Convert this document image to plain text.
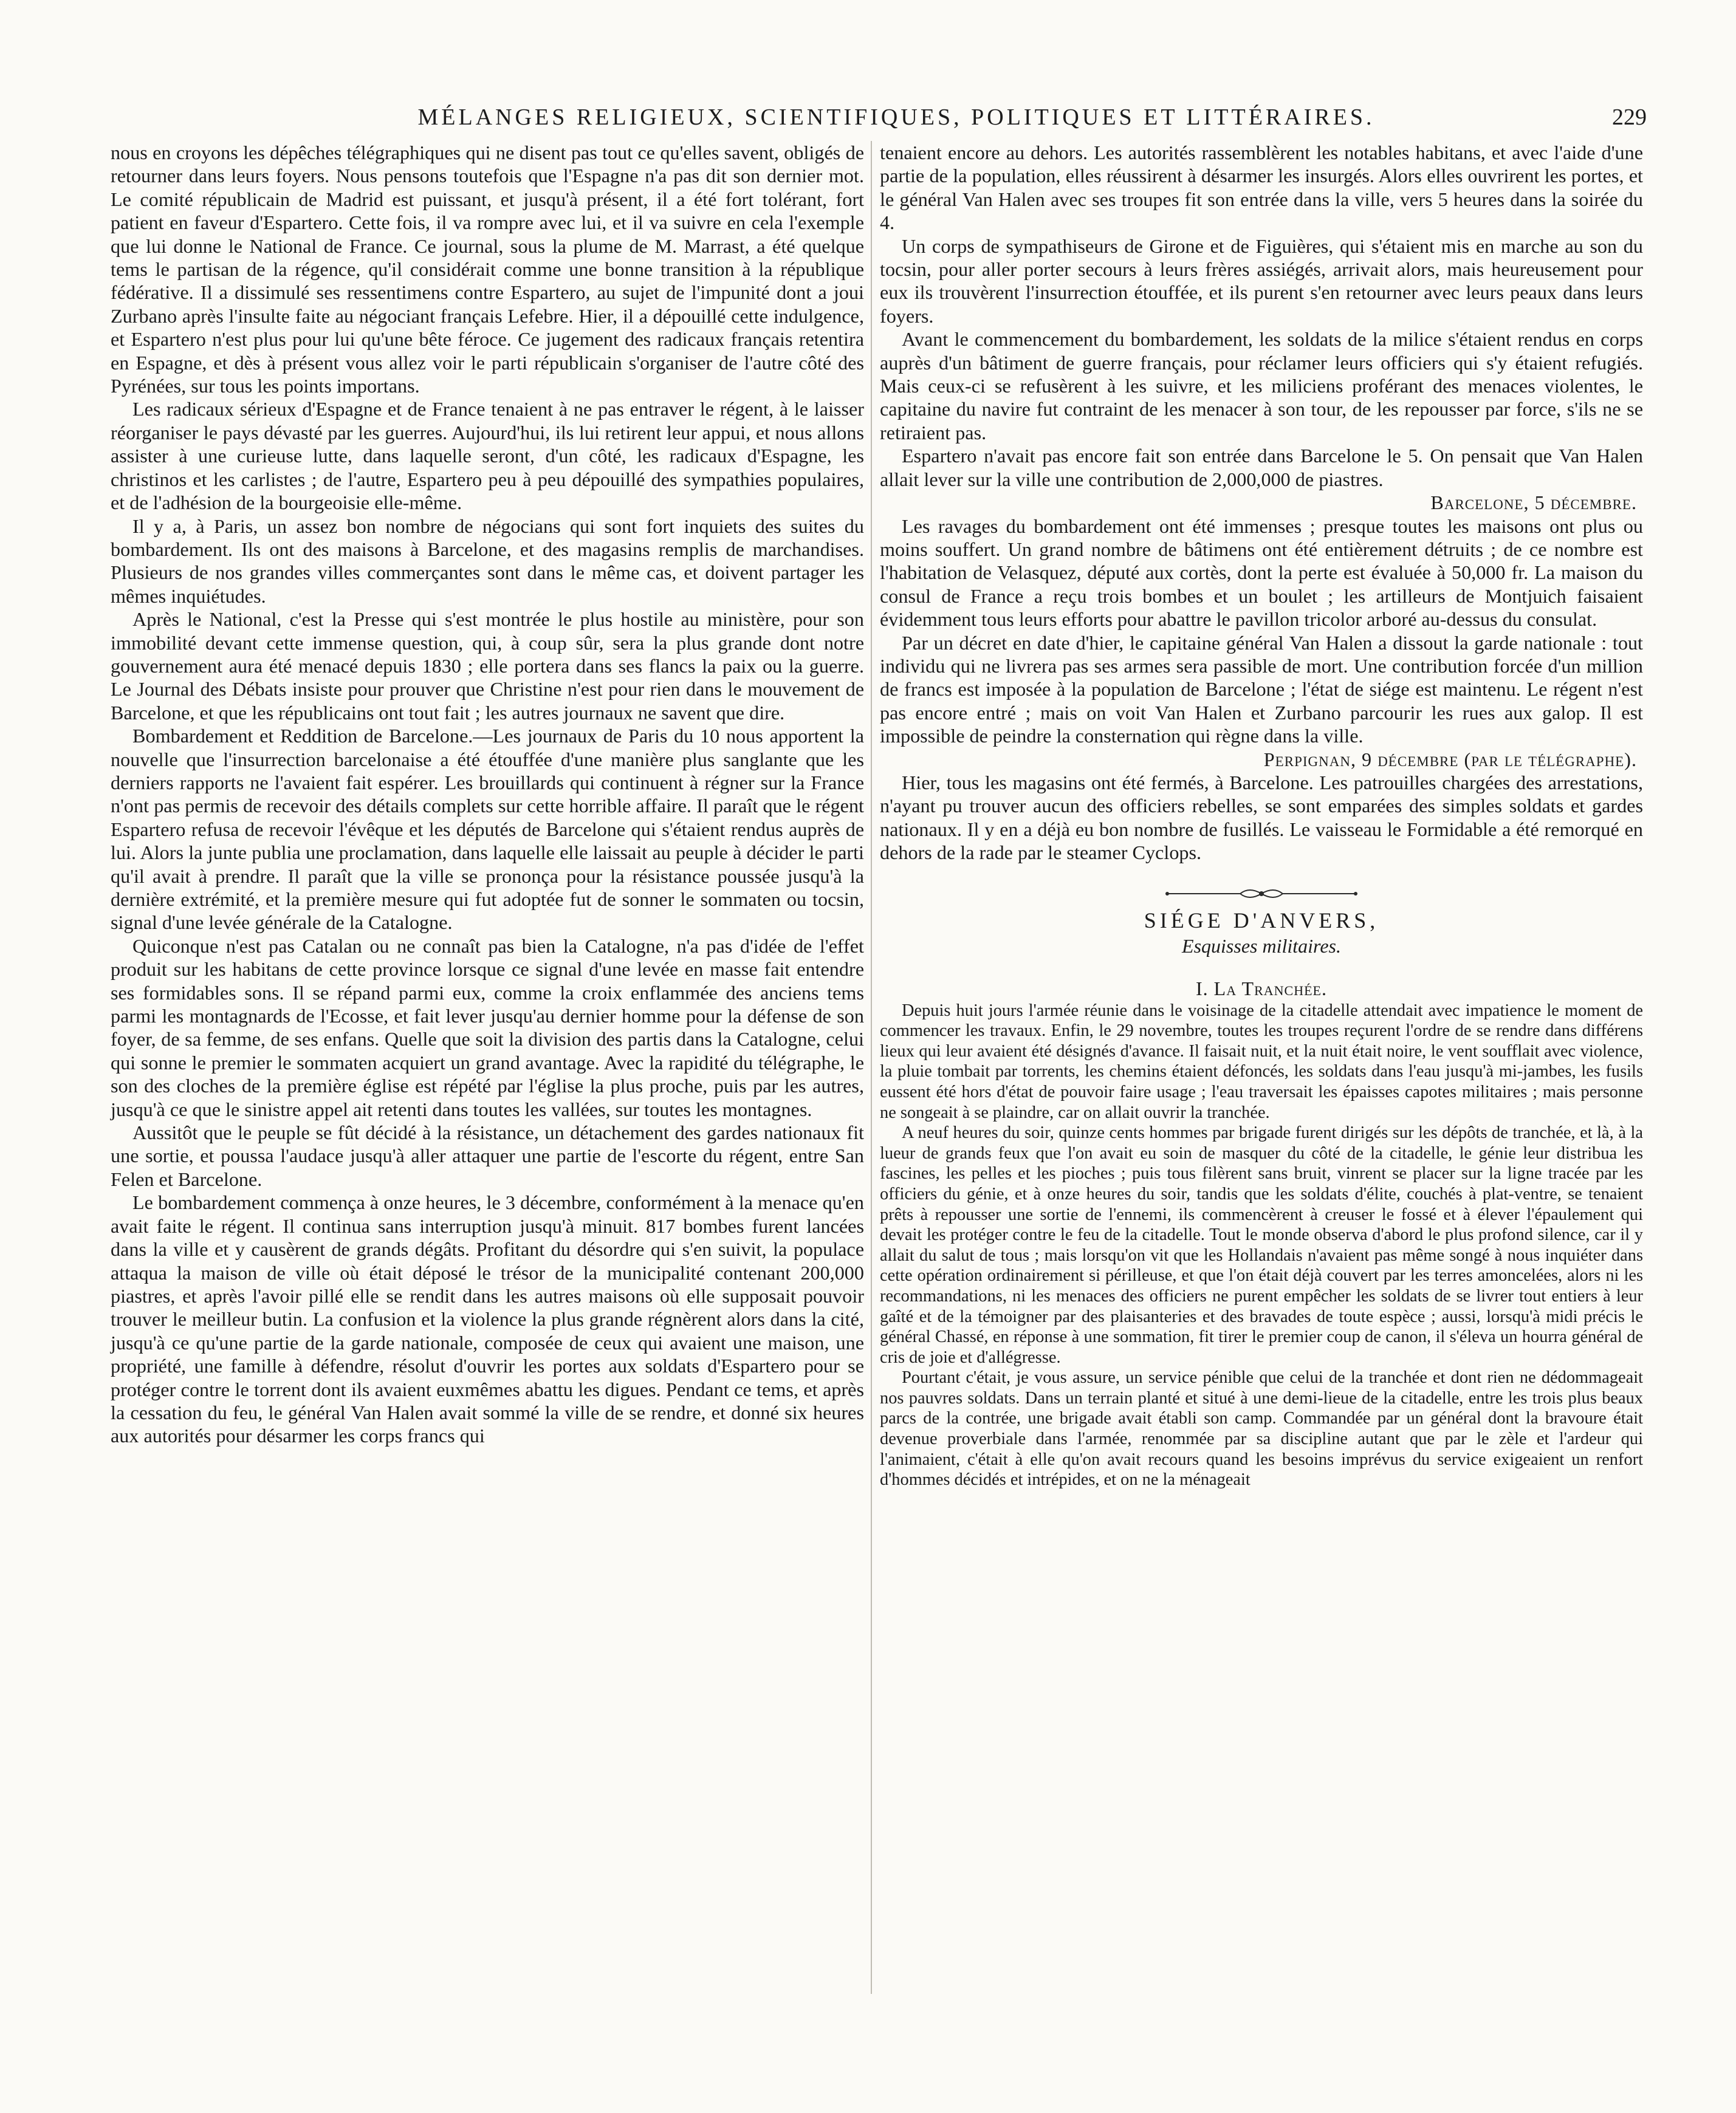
MÉLANGES RELIGIEUX, SCIENTIFIQUES, POLITIQUES ET LITTÉRAIRES.	229

nous en croyons les dépêches télégraphiques qui ne disent pas tout ce qu'elles savent, obligés de retourner dans leurs foyers. Nous pensons toutefois que l'Espagne n'a pas dit son dernier mot. Le comité républicain de Madrid est puissant, et jusqu'à présent, il a été fort tolérant, fort patient en faveur d'Espartero. Cette fois, il va rompre avec lui, et il va suivre en cela l'exemple que lui donne le National de France. Ce journal, sous la plume de M. Marrast, a été quelque tems le partisan de la régence, qu'il considérait comme une bonne transition à la république fédérative. Il a dissimulé ses ressentimens contre Espartero, au sujet de l'impunité dont a joui Zurbano après l'insulte faite au négociant français Lefebre. Hier, il a dépouillé cette indulgence, et Espartero n'est plus pour lui qu'une bête féroce. Ce jugement des radicaux français retentira en Espagne, et dès à présent vous allez voir le parti républicain s'organiser de l'autre côté des Pyrénées, sur tous les points importans.

Les radicaux sérieux d'Espagne et de France tenaient à ne pas entraver le régent, à le laisser réorganiser le pays dévasté par les guerres. Aujourd'hui, ils lui retirent leur appui, et nous allons assister à une curieuse lutte, dans laquelle seront, d'un côté, les radicaux d'Espagne, les christinos et les carlistes ; de l'autre, Espartero peu à peu dépouillé des sympathies populaires, et de l'adhésion de la bourgeoisie elle-même.

Il y a, à Paris, un assez bon nombre de négocians qui sont fort inquiets des suites du bombardement. Ils ont des maisons à Barcelone, et des magasins remplis de marchandises. Plusieurs de nos grandes villes commerçantes sont dans le même cas, et doivent partager les mêmes inquiétudes.

Après le National, c'est la Presse qui s'est montrée le plus hostile au ministère, pour son immobilité devant cette immense question, qui, à coup sûr, sera la plus grande dont notre gouvernement aura été menacé depuis 1830 ; elle portera dans ses flancs la paix ou la guerre. Le Journal des Débats insiste pour prouver que Christine n'est pour rien dans le mouvement de Barcelone, et que les républicains ont tout fait ; les autres journaux ne savent que dire.

Bombardement et Reddition de Barcelone.—Les journaux de Paris du 10 nous apportent la nouvelle que l'insurrection barcelonaise a été étouffée d'une manière plus sanglante que les derniers rapports ne l'avaient fait espérer. Les brouillards qui continuent à régner sur la France n'ont pas permis de recevoir des détails complets sur cette horrible affaire. Il paraît que le régent Espartero refusa de recevoir l'évêque et les députés de Barcelone qui s'étaient rendus auprès de lui. Alors la junte publia une proclamation, dans laquelle elle laissait au peuple à décider le parti qu'il avait à prendre. Il paraît que la ville se prononça pour la résistance poussée jusqu'à la dernière extrémité, et la première mesure qui fut adoptée fut de sonner le sommaten ou tocsin, signal d'une levée générale de la Catalogne.

Quiconque n'est pas Catalan ou ne connaît pas bien la Catalogne, n'a pas d'idée de l'effet produit sur les habitans de cette province lorsque ce signal d'une levée en masse fait entendre ses formidables sons. Il se répand parmi eux, comme la croix enflammée des anciens tems parmi les montagnards de l'Ecosse, et fait lever jusqu'au dernier homme pour la défense de son foyer, de sa femme, de ses enfans. Quelle que soit la division des partis dans la Catalogne, celui qui sonne le premier le sommaten acquiert un grand avantage. Avec la rapidité du télégraphe, le son des cloches de la première église est répété par l'église la plus proche, puis par les autres, jusqu'à ce que le sinistre appel ait retenti dans toutes les vallées, sur toutes les montagnes.

Aussitôt que le peuple se fût décidé à la résistance, un détachement des gardes nationaux fit une sortie, et poussa l'audace jusqu'à aller attaquer une partie de l'escorte du régent, entre San Felen et Barcelone.

Le bombardement commença à onze heures, le 3 décembre, conformément à la menace qu'en avait faite le régent. Il continua sans interruption jusqu'à minuit. 817 bombes furent lancées dans la ville et y causèrent de grands dégâts. Profitant du désordre qui s'en suivit, la populace attaqua la maison de ville où était déposé le trésor de la municipalité contenant 200,000 piastres, et après l'avoir pillé elle se rendit dans les autres maisons où elle supposait pouvoir trouver le meilleur butin. La confusion et la violence la plus grande régnèrent alors dans la cité, jusqu'à ce qu'une partie de la garde nationale, composée de ceux qui avaient une maison, une propriété, une famille à défendre, résolut d'ouvrir les portes aux soldats d'Espartero pour se protéger contre le torrent dont ils avaient euxmêmes abattu les digues. Pendant ce tems, et après la cessation du feu, le général Van Halen avait sommé la ville de se rendre, et donné six heures aux autorités pour désarmer les corps francs qui

tenaient encore au dehors. Les autorités rassemblèrent les notables habitans, et avec l'aide d'une partie de la population, elles réussirent à désarmer les insurgés. Alors elles ouvrirent les portes, et le général Van Halen avec ses troupes fit son entrée dans la ville, vers 5 heures dans la soirée du 4.

Un corps de sympathiseurs de Girone et de Figuières, qui s'étaient mis en marche au son du tocsin, pour aller porter secours à leurs frères assiégés, arrivait alors, mais heureusement pour eux ils trouvèrent l'insurrection étouffée, et ils purent s'en retourner avec leurs peaux dans leurs foyers.

Avant le commencement du bombardement, les soldats de la milice s'étaient rendus en corps auprès d'un bâtiment de guerre français, pour réclamer leurs officiers qui s'y étaient refugiés. Mais ceux-ci se refusèrent à les suivre, et les miliciens proférant des menaces violentes, le capitaine du navire fut contraint de les menacer à son tour, de les repousser par force, s'ils ne se retiraient pas.

Espartero n'avait pas encore fait son entrée dans Barcelone le 5. On pensait que Van Halen allait lever sur la ville une contribution de 2,000,000 de piastres.

Barcelone, 5 décembre.

Les ravages du bombardement ont été immenses ; presque toutes les maisons ont plus ou moins souffert. Un grand nombre de bâtimens ont été entièrement détruits ; de ce nombre est l'habitation de Velasquez, député aux cortès, dont la perte est évaluée à 50,000 fr. La maison du consul de France a reçu trois bombes et un boulet ; les artilleurs de Montjuich faisaient évidemment tous leurs efforts pour abattre le pavillon tricolor arboré au-dessus du consulat.

Par un décret en date d'hier, le capitaine général Van Halen a dissout la garde nationale : tout individu qui ne livrera pas ses armes sera passible de mort. Une contribution forcée d'un million de francs est imposée à la population de Barcelone ; l'état de siége est maintenu. Le régent n'est pas encore entré ; mais on voit Van Halen et Zurbano parcourir les rues aux galop. Il est impossible de peindre la consternation qui règne dans la ville.

Perpignan, 9 décembre (par le télégraphe).

Hier, tous les magasins ont été fermés, à Barcelone. Les patrouilles chargées des arrestations, n'ayant pu trouver aucun des officiers rebelles, se sont emparées des simples soldats et gardes nationaux. Il y en a déjà eu bon nombre de fusillés. Le vaisseau le Formidable a été remorqué en dehors de la rade par le steamer Cyclops.

SIÉGE D'ANVERS,
Esquisses militaires.
I. La Tranchée.

Depuis huit jours l'armée réunie dans le voisinage de la citadelle attendait avec impatience le moment de commencer les travaux. Enfin, le 29 novembre, toutes les troupes reçurent l'ordre de se rendre dans différens lieux qui leur avaient été désignés d'avance. Il faisait nuit, et la nuit était noire, le vent soufflait avec violence, la pluie tombait par torrents, les chemins étaient défoncés, les soldats dans l'eau jusqu'à mi-jambes, les fusils eussent été hors d'état de pouvoir faire usage ; l'eau traversait les épaisses capotes militaires ; mais personne ne songeait à se plaindre, car on allait ouvrir la tranchée.

A neuf heures du soir, quinze cents hommes par brigade furent dirigés sur les dépôts de tranchée, et là, à la lueur de grands feux que l'on avait eu soin de masquer du côté de la citadelle, le génie leur distribua les fascines, les pelles et les pioches ; puis tous filèrent sans bruit, vinrent se placer sur la ligne tracée par les officiers du génie, et à onze heures du soir, tandis que les soldats d'élite, couchés à plat-ventre, se tenaient prêts à repousser une sortie de l'ennemi, ils commencèrent à creuser le fossé et à élever l'épaulement qui devait les protéger contre le feu de la citadelle. Tout le monde observa d'abord le plus profond silence, car il y allait du salut de tous ; mais lorsqu'on vit que les Hollandais n'avaient pas même songé à nous inquiéter dans cette opération ordinairement si périlleuse, et que l'on était déjà couvert par les terres amoncelées, alors ni les recommandations, ni les menaces des officiers ne purent empêcher les soldats de se livrer tout entiers à leur gaîté et de la témoigner par des plaisanteries et des bravades de toute espèce ; aussi, lorsqu'à midi précis le général Chassé, en réponse à une sommation, fit tirer le premier coup de canon, il s'éleva un hourra général de cris de joie et d'allégresse.

Pourtant c'était, je vous assure, un service pénible que celui de la tranchée et dont rien ne dédommageait nos pauvres soldats. Dans un terrain planté et situé à une demi-lieue de la citadelle, entre les trois plus beaux parcs de la contrée, une brigade avait établi son camp. Commandée par un général dont la bravoure était devenue proverbiale dans l'armée, renommée par sa discipline autant que par le zèle et l'ardeur qui l'animaient, c'était à elle qu'on avait recours quand les besoins imprévus du service exigeaient un renfort d'hommes décidés et intrépides, et on ne la ménageait
